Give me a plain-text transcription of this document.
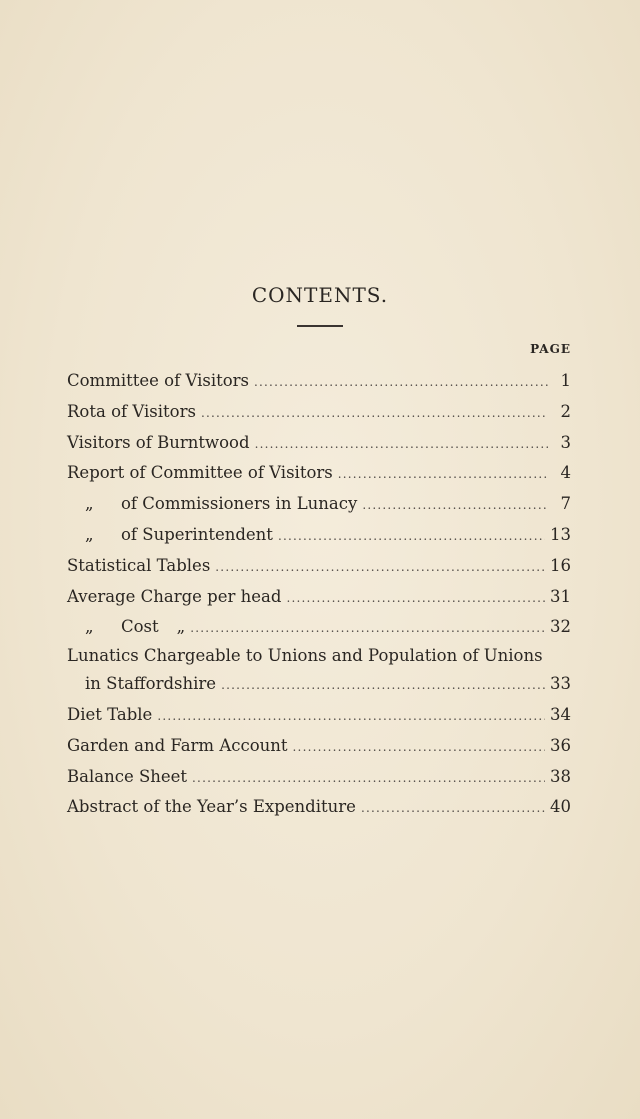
CONTENTS.
PAGE
Committee of Visitors .....	1
Rota of Visitors .....	2
Visitors of Burntwood .....	3
Report of Committee of Visitors .....	4
„	of Commissioners in Lunacy .....	7
„	of Superintendent .....	13
Statistical Tables .....	16
Average Charge per head .....	31
„	Cost „ .....	32
Lunatics Chargeable to Unions and Population of Unions
in Staffordshire .....	33
Diet Table .....	34
Garden and Farm Account .....	36
Balance Sheet .....	38
Abstract of the Year’s Expenditure .....	40
